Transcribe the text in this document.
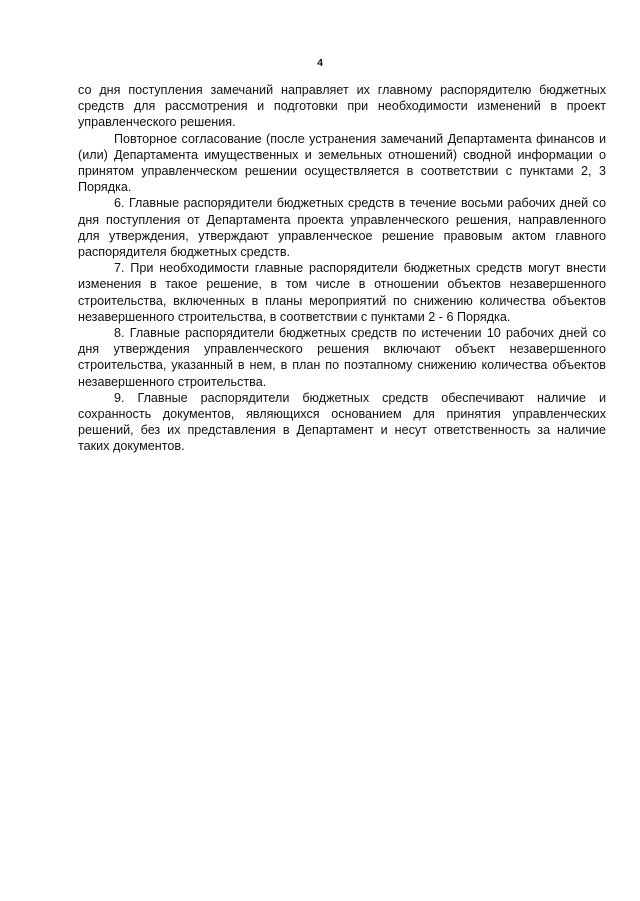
4

со дня поступления замечаний направляет их главному распорядителю бюджетных средств для рассмотрения и подготовки при необходимости изменений в проект управленческого решения.

Повторное согласование (после устранения замечаний Департамента финансов и (или) Департамента имущественных и земельных отношений) сводной информации о принятом управленческом решении осуществляется в соответствии с пунктами 2, 3 Порядка.

6. Главные распорядители бюджетных средств в течение восьми рабочих дней со дня поступления от Департамента проекта управленческого решения, направленного для утверждения, утверждают управленческое решение правовым актом главного распорядителя бюджетных средств.

7. При необходимости главные распорядители бюджетных средств могут внести изменения в такое решение, в том числе в отношении объектов незавершенного строительства, включенных в планы мероприятий по снижению количества объектов незавершенного строительства, в соответствии с пунктами 2 - 6 Порядка.

8. Главные распорядители бюджетных средств по истечении 10 рабочих дней со дня утверждения управленческого решения включают объект незавершенного строительства, указанный в нем, в план по поэтапному снижению количества объектов незавершенного строительства.

9. Главные распорядители бюджетных средств обеспечивают наличие и сохранность документов, являющихся основанием для принятия управленческих решений, без их представления в Департамент и несут ответственность за наличие таких документов.
